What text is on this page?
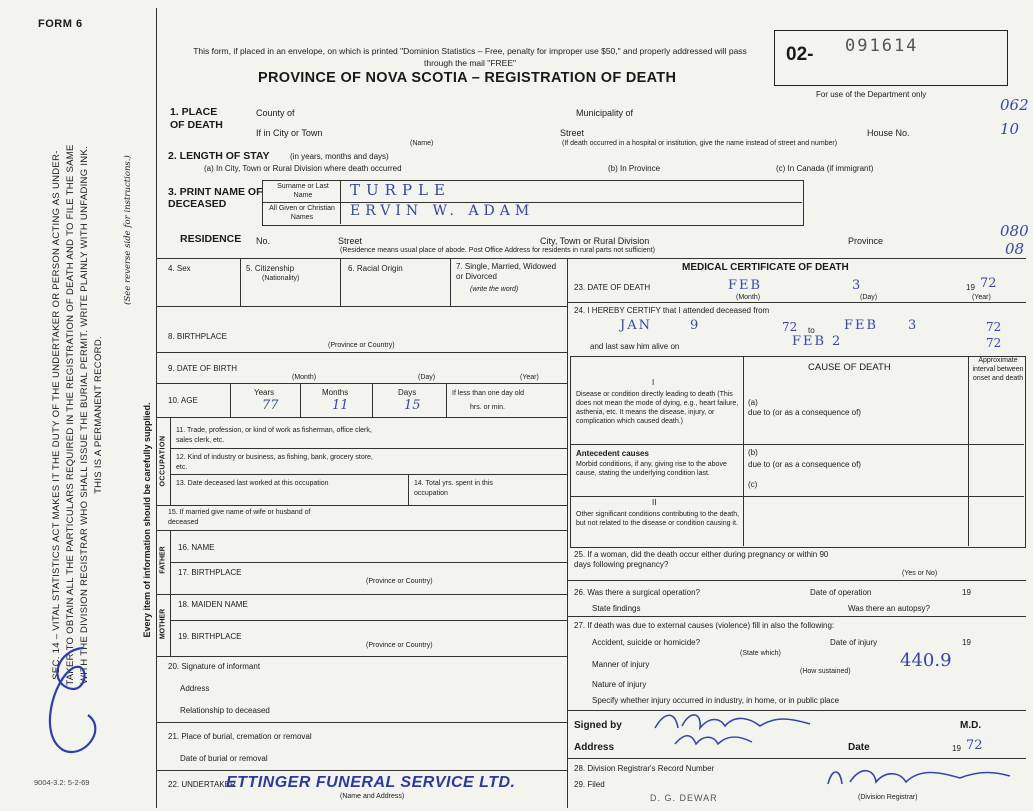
FORM 6
This form, if placed in an envelope, on which is printed "Dominion Statistics – Free, penalty for improper use $50," and properly addressed will pass through the mail "FREE"
PROVINCE OF NOVA SCOTIA – REGISTRATION OF DEATH
02- 091614
For use of the Department only
062
10
080
08
SEC. 14 – VITAL STATISTICS ACT MAKES IT THE DUTY OF THE UNDERTAKER OR PERSON ACTING AS UNDER-TAKER TO OBTAIN ALL THE PARTICULARS REQUIRED IN THE REGISTRATION OF DEATH AND TO FILE THE SAME WITH THE DIVISION REGISTRAR WHO SHALL ISSUE THE BURIAL PERMIT. WRITE PLAINLY WITH UNFADING INK. THIS IS A PERMANENT RECORD.
(See reverse side for instructions.)
Every item of information should be carefully supplied.
1. PLACE OF DEATH
County of	Municipality of
If in City or Town
(Name)
Street	House No.
(If death occurred in a hospital or institution, give the name instead of street and number)
2. LENGTH OF STAY	(in years, months and days)
(a) In City, Town or Rural Division where death occurred	(b) In Province	(c) In Canada (if immigrant)
3. PRINT NAME OF DECEASED
Surname or Last Name
All Given or Christian Names
TURPLE
ERVIN W. ADAM
RESIDENCE No.	Street	City, Town or Rural Division	Province
(Residence means usual place of abode. Post Office Address for residents in rural parts not sufficient)
4. Sex	5. Citizenship
(Nationality)
6. Racial Origin	7. Single, Married, Widowed or Divorced
(write the word)
8. BIRTHPLACE
(Province or Country)
9. DATE OF BIRTH
(Month)	(Day)	(Year)
10. AGE
Years	Months	Days
77	11	15
If less than one day old
hrs. or min.
OCCUPATION
11. Trade, profession, or kind of work as fisherman, office clerk, sales clerk, etc.
12. Kind of industry or business, as fishing, bank, grocery store, etc.
13. Date deceased last worked at this occupation	14. Total yrs. spent in this occupation
15. If married give name of wife or husband of deceased
FATHER 16. NAME
17. BIRTHPLACE
(Province or Country)
MOTHER
18. MAIDEN NAME
19. BIRTHPLACE
(Province or Country)
20. Signature of informant
Address
Relationship to deceased
21. Place of burial, cremation or removal
Date of burial or removal
22. UNDERTAKER
ETTINGER FUNERAL SERVICE LTD.
(Name and Address)
9004-3.2: 5-2-69
MEDICAL CERTIFICATE OF DEATH
23. DATE OF DEATH	FEB	3	19 72
(Month)	(Day)	(Year)
24. I HEREBY CERTIFY that I attended deceased from
JAN	9	72 to FEB 3	72
and last saw him alive on	FEB 2	72
CAUSE OF DEATH
Approximate interval between onset and death
I
Disease or condition directly leading to death (This does not mean the mode of dying, e.g., heart failure, asthenia, etc. It means the disease, injury, or complication which caused death.)
(a)
due to (or as a consequence of)
Antecedent causes
Morbid conditions, if any, giving rise to the above cause, stating the underlying condition last.
(b)
due to (or as a consequence of)
(c)
II
Other significant conditions contributing to the death, but not related to the disease or condition causing it.
25. If a woman, did the death occur either during pregnancy or within 90 days following pregnancy?
(Yes or No)
26. Was there a surgical operation?	Date of operation	19
State findings	Was there an autopsy?
27. If death was due to external causes (violence) fill in also the following:
Accident, suicide or homicide?	Date of injury	19
(State which)
Manner of injury	440.9
(How sustained)
Nature of injury
Specify whether injury occurred in industry, in home, or in public place
Signed by	M.D.
Address	Date	19 72
28. Division Registrar's Record Number
29. Filed
D. G. DEWAR	(Division Registrar)
